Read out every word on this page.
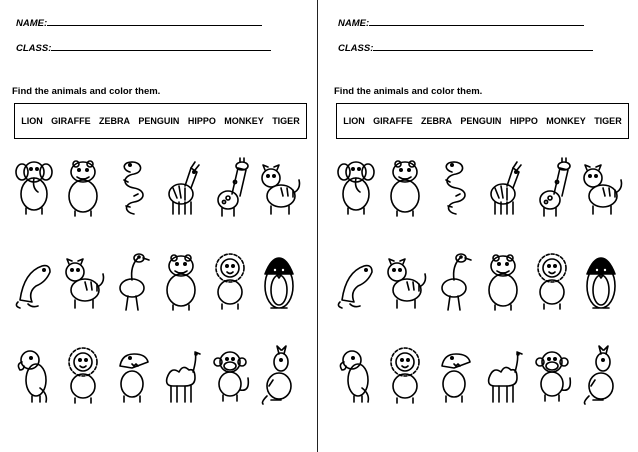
NAME:
CLASS:
Find the animals and color them.
LION GIRAFFE ZEBRA PENGUIN HIPPO MONKEY TIGER
NAME:
CLASS:
Find the animals and color them.
LION GIRAFFE ZEBRA PENGUIN HIPPO MONKEY TIGER
